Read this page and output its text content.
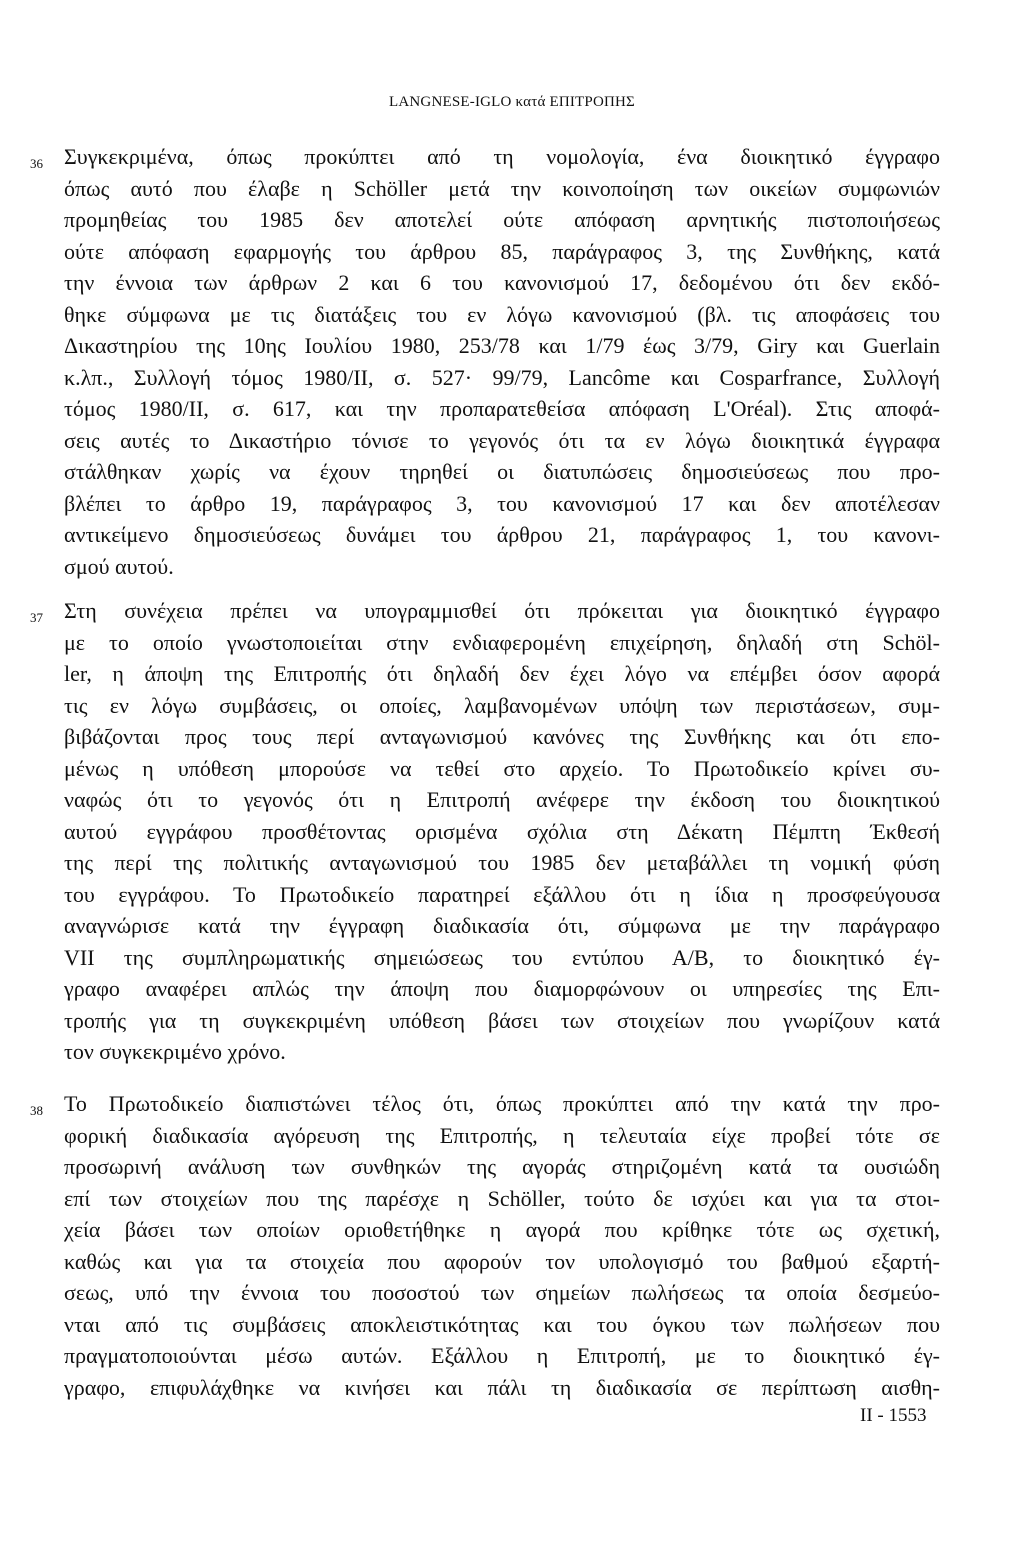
LANGNESE-IGLO κατά ΕΠΙΤΡΟΠΗΣ
36 Συγκεκριμένα, όπως προκύπτει από τη νομολογία, ένα διοικητικό έγγραφο
όπως αυτό που έλαβε η Schöller μετά την κοινοποίηση των οικείων συμφωνιών
προμηθείας του 1985 δεν αποτελεί ούτε απόφαση αρνητικής πιστοποιήσεως
ούτε απόφαση εφαρμογής του άρθρου 85, παράγραφος 3, της Συνθήκης, κατά
την έννοια των άρθρων 2 και 6 του κανονισμού 17, δεδομένου ότι δεν εκδό-
θηκε σύμφωνα με τις διατάξεις του εν λόγω κανονισμού (βλ. τις αποφάσεις του
Δικαστηρίου της 10ης Ιουλίου 1980, 253/78 και 1/79 έως 3/79, Giry και Guerlain
κ.λπ., Συλλογή τόμος 1980/ΙΙ, σ. 527· 99/79, Lancôme και Cosparfrance, Συλλογή
τόμος 1980/ΙΙ, σ. 617, και την προπαρατεθείσα απόφαση L'Oréal). Στις αποφά-
σεις αυτές το Δικαστήριο τόνισε το γεγονός ότι τα εν λόγω διοικητικά έγγραφα
στάλθηκαν χωρίς να έχουν τηρηθεί οι διατυπώσεις δημοσιεύσεως που προ-
βλέπει το άρθρο 19, παράγραφος 3, του κανονισμού 17 και δεν αποτέλεσαν
αντικείμενο δημοσιεύσεως δυνάμει του άρθρου 21, παράγραφος 1, του κανονι-
σμού αυτού.
37 Στη συνέχεια πρέπει να υπογραμμισθεί ότι πρόκειται για διοικητικό έγγραφο
με το οποίο γνωστοποιείται στην ενδιαφερομένη επιχείρηση, δηλαδή στη Schöl-
ler, η άποψη της Επιτροπής ότι δηλαδή δεν έχει λόγο να επέμβει όσον αφορά
τις εν λόγω συμβάσεις, οι οποίες, λαμβανομένων υπόψη των περιστάσεων, συμ-
βιβάζονται προς τους περί ανταγωνισμού κανόνες της Συνθήκης και ότι επο-
μένως η υπόθεση μπορούσε να τεθεί στο αρχείο. Το Πρωτοδικείο κρίνει συ-
ναφώς ότι το γεγονός ότι η Επιτροπή ανέφερε την έκδοση του διοικητικού
αυτού εγγράφου προσθέτοντας ορισμένα σχόλια στη Δέκατη Πέμπτη Έκθεσή
της περί της πολιτικής ανταγωνισμού του 1985 δεν μεταβάλλει τη νομική φύση
του εγγράφου. Το Πρωτοδικείο παρατηρεί εξάλλου ότι η ίδια η προσφεύγουσα
αναγνώρισε κατά την έγγραφη διαδικασία ότι, σύμφωνα με την παράγραφο
VII της συμπληρωματικής σημειώσεως του εντύπου Α/Β, το διοικητικό έγ-
γραφο αναφέρει απλώς την άποψη που διαμορφώνουν οι υπηρεσίες της Επι-
τροπής για τη συγκεκριμένη υπόθεση βάσει των στοιχείων που γνωρίζουν κατά
τον συγκεκριμένο χρόνο.
38 Το Πρωτοδικείο διαπιστώνει τέλος ότι, όπως προκύπτει από την κατά την προ-
φορική διαδικασία αγόρευση της Επιτροπής, η τελευταία είχε προβεί τότε σε
προσωρινή ανάλυση των συνθηκών της αγοράς στηριζομένη κατά τα ουσιώδη
επί των στοιχείων που της παρέσχε η Schöller, τούτο δε ισχύει και για τα στοι-
χεία βάσει των οποίων οριοθετήθηκε η αγορά που κρίθηκε τότε ως σχετική,
καθώς και για τα στοιχεία που αφορούν τον υπολογισμό του βαθμού εξαρτή-
σεως, υπό την έννοια του ποσοστού των σημείων πωλήσεως τα οποία δεσμεύο-
νται από τις συμβάσεις αποκλειστικότητας και του όγκου των πωλήσεων που
πραγματοποιούνται μέσω αυτών. Εξάλλου η Επιτροπή, με το διοικητικό έγ-
γραφο, επιφυλάχθηκε να κινήσει και πάλι τη διαδικασία σε περίπτωση αισθη-
II - 1553
